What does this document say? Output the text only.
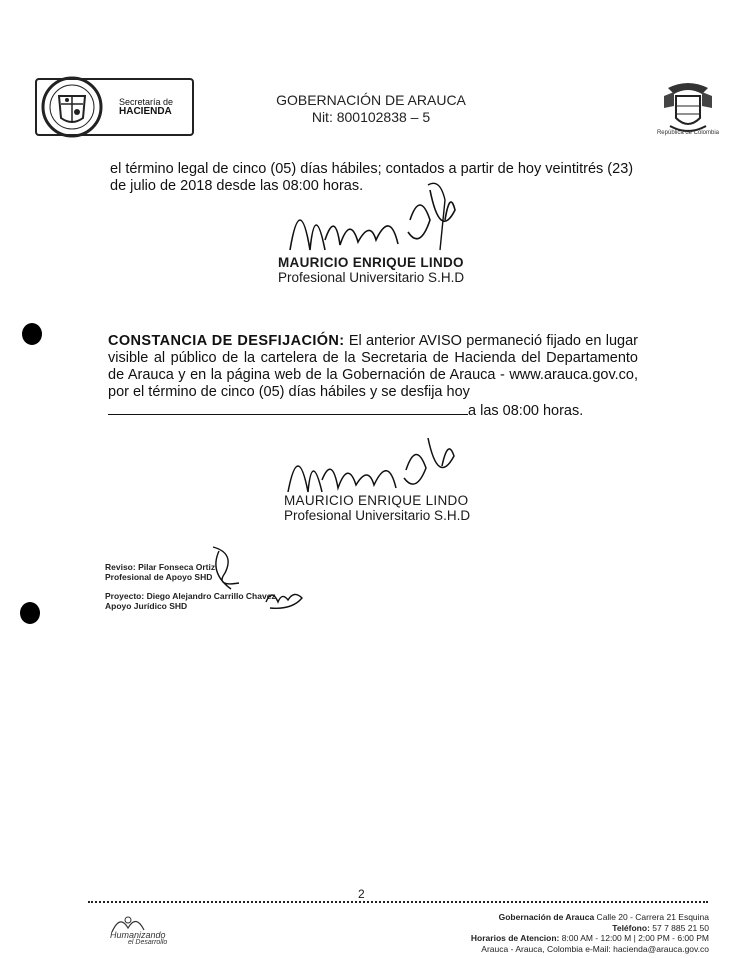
Secretaría de
HACIENDA
GOBERNACIÓN DE ARAUCA
Nit: 800102838 – 5
República de Colombia
el término legal de cinco (05) días hábiles; contados a partir de hoy veintitrés (23) de julio de 2018 desde las 08:00 horas.
MAURICIO ENRIQUE LINDO
Profesional Universitario S.H.D
CONSTANCIA DE DESFIJACIÓN: El anterior AVISO permaneció fijado en lugar visible al público de la cartelera de la Secretaria de Hacienda del Departamento de Arauca y en la página web de la Gobernación de Arauca - www.arauca.gov.co, por el término de cinco (05) días hábiles y se desfija hoy
a las 08:00 horas.
MAURICIO ENRIQUE LINDO
Profesional Universitario S.H.D
Reviso: Pilar Fonseca Ortiz
Profesional de Apoyo SHD
Proyecto: Diego Alejandro Carrillo Chavez
Apoyo Jurídico SHD
2
Humanizando
el Desarrollo
Gobernación de Arauca Calle 20 - Carrera 21 Esquina
Teléfono: 57 7 885 21 50
Horarios de Atencion: 8:00 AM - 12:00 M | 2:00 PM - 6:00 PM
Arauca - Arauca, Colombia e-Mail: hacienda@arauca.gov.co
